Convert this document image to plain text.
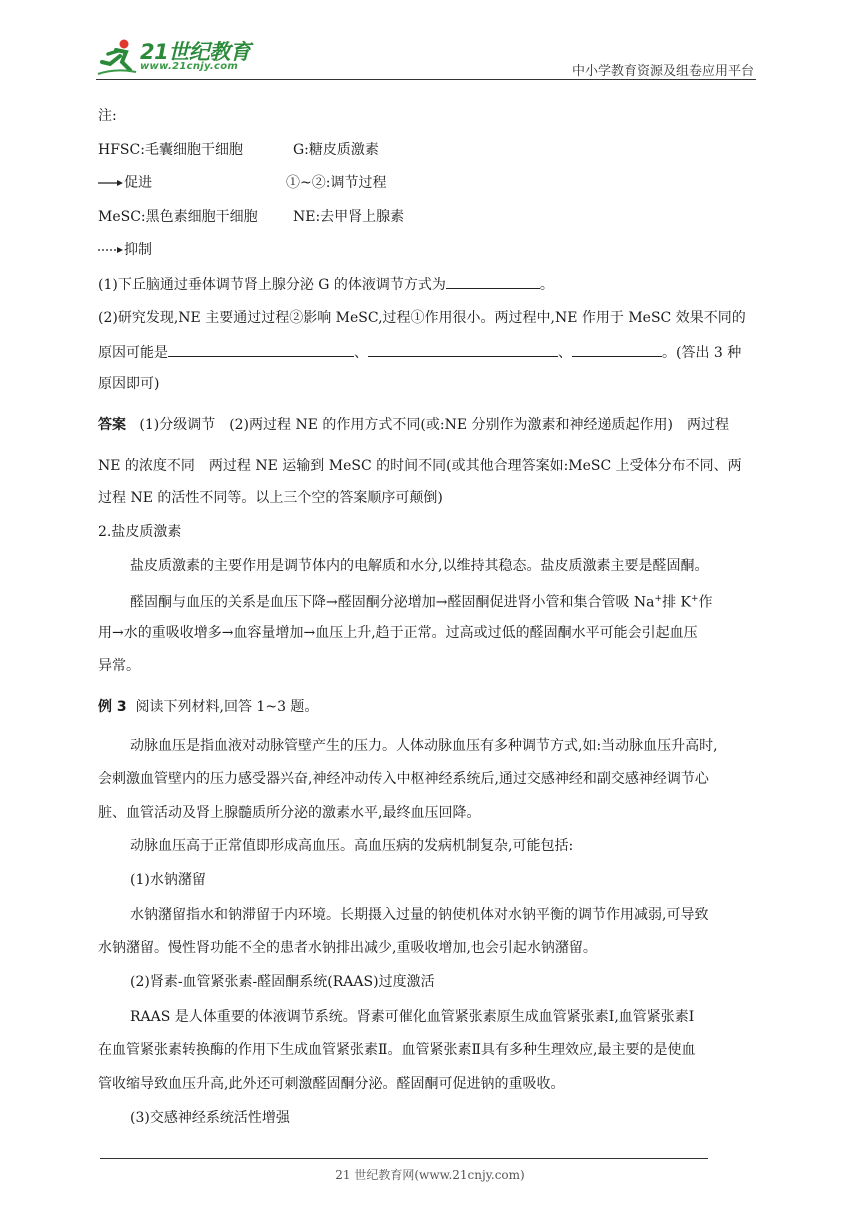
21世纪教育
www.21cnjy.com	中小学教育资源及组卷应用平台
注:
HFSC:毛囊细胞干细胞	G:糖皮质激素
促进	①~②:调节过程
MeSC:黑色素细胞干细胞	NE:去甲肾上腺素
抑制
(1)下丘脑通过垂体调节肾上腺分泌 G 的体液调节方式为	。
(2)研究发现,NE 主要通过过程②影响 MeSC,过程①作用很小。两过程中,NE 作用于 MeSC 效果不同的
原因可能是	、	、	。(答出 3 种
原因即可)
答案 (1)分级调节　(2)两过程 NE 的作用方式不同(或:NE 分别作为激素和神经递质起作用)　两过程
NE 的浓度不同　两过程 NE 运输到 MeSC 的时间不同(或其他合理答案如:MeSC 上受体分布不同、两
过程 NE 的活性不同等。以上三个空的答案顺序可颠倒)
2.盐皮质激素
盐皮质激素的主要作用是调节体内的电解质和水分,以维持其稳态。盐皮质激素主要是醛固酮。
醛固酮与血压的关系是血压下降→醛固酮分泌增加→醛固酮促进肾小管和集合管吸 Na+排 K+作
用→水的重吸收增多→血容量增加→血压上升,趋于正常。过高或过低的醛固酮水平可能会引起血压
异常。
例 3 阅读下列材料,回答 1~3 题。
动脉血压是指血液对动脉管壁产生的压力。人体动脉血压有多种调节方式,如:当动脉血压升高时,
会刺激血管壁内的压力感受器兴奋,神经冲动传入中枢神经系统后,通过交感神经和副交感神经调节心
脏、血管活动及肾上腺髓质所分泌的激素水平,最终血压回降。
动脉血压高于正常值即形成高血压。高血压病的发病机制复杂,可能包括:
(1)水钠潴留
水钠潴留指水和钠滞留于内环境。长期摄入过量的钠使机体对水钠平衡的调节作用减弱,可导致
水钠潴留。慢性肾功能不全的患者水钠排出减少,重吸收增加,也会引起水钠潴留。
(2)肾素-血管紧张素-醛固酮系统(RAAS)过度激活
RAAS 是人体重要的体液调节系统。肾素可催化血管紧张素原生成血管紧张素Ⅰ,血管紧张素Ⅰ
在血管紧张素转换酶的作用下生成血管紧张素Ⅱ。血管紧张素Ⅱ具有多种生理效应,最主要的是使血
管收缩导致血压升高,此外还可刺激醛固酮分泌。醛固酮可促进钠的重吸收。
(3)交感神经系统活性增强
21 世纪教育网(www.21cnjy.com)
